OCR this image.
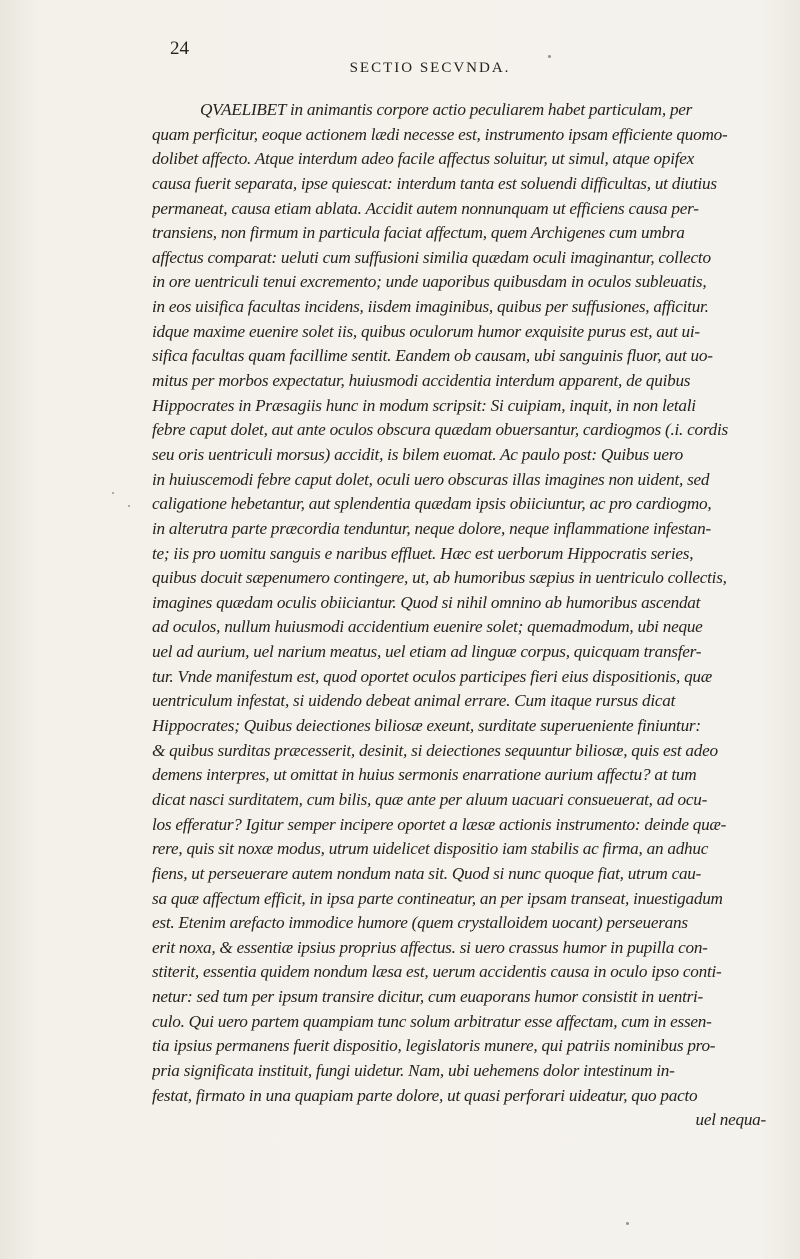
24
SECTIO SECVNDA.
QVAELIBET in animantis corpore actio peculiarem habet particulam, per
quam perficitur, eoque actionem lædi necesse est, instrumento ipsam efficiente quomo-
dolibet affecto. Atque interdum adeo facile affectus soluitur, ut simul, atque opifex
causa fuerit separata, ipse quiescat: interdum tanta est soluendi difficultas, ut diutius
permaneat, causa etiam ablata. Accidit autem nonnunquam ut efficiens causa per-
transiens, non firmum in particula faciat affectum, quem Archigenes cum umbra
affectus comparat: ueluti cum suffusioni similia quædam oculi imaginantur, collecto
in ore uentriculi tenui excremento; unde uaporibus quibusdam in oculos subleuatis,
in eos uisifica facultas incidens, iisdem imaginibus, quibus per suffusiones, afficitur.
idque maxime euenire solet iis, quibus oculorum humor exquisite purus est, aut ui-
sifica facultas quam facillime sentit. Eandem ob causam, ubi sanguinis fluor, aut uo-
mitus per morbos expectatur, huiusmodi accidentia interdum apparent, de quibus
Hippocrates in Præsagiis hunc in modum scripsit: Si cuipiam, inquit, in non letali
febre caput dolet, aut ante oculos obscura quædam obuersantur, cardiogmos (.i. cordis
seu oris uentriculi morsus) accidit, is bilem euomat. Ac paulo post: Quibus uero
in huiuscemodi febre caput dolet, oculi uero obscuras illas imagines non uident, sed
caligatione hebetantur, aut splendentia quædam ipsis obiiciuntur, ac pro cardiogmo,
in alterutra parte præcordia tenduntur, neque dolore, neque inflammatione infestan-
te; iis pro uomitu sanguis e naribus effluet. Hæc est uerborum Hippocratis series,
quibus docuit sæpenumero contingere, ut, ab humoribus sæpius in uentriculo collectis,
imagines quædam oculis obiiciantur. Quod si nihil omnino ab humoribus ascendat
ad oculos, nullum huiusmodi accidentium euenire solet; quemadmodum, ubi neque
uel ad aurium, uel narium meatus, uel etiam ad linguæ corpus, quicquam transfer-
tur. Vnde manifestum est, quod oportet oculos participes fieri eius dispositionis, quæ
uentriculum infestat, si uidendo debeat animal errare. Cum itaque rursus dicat
Hippocrates; Quibus deiectiones biliosæ exeunt, surditate superueniente finiuntur:
& quibus surditas præcesserit, desinit, si deiectiones sequuntur biliosæ, quis est adeo
demens interpres, ut omittat in huius sermonis enarratione aurium affectu? at tum
dicat nasci surditatem, cum bilis, quæ ante per aluum uacuari consueuerat, ad ocu-
los efferatur? Igitur semper incipere oportet a læsæ actionis instrumento: deinde quæ-
rere, quis sit noxæ modus, utrum uidelicet dispositio iam stabilis ac firma, an adhuc
fiens, ut perseuerare autem nondum nata sit. Quod si nunc quoque fiat, utrum cau-
sa quæ affectum efficit, in ipsa parte contineatur, an per ipsam transeat, inuestigadum
est. Etenim arefacto immodice humore (quem crystalloidem uocant) perseuerans
erit noxa, & essentiæ ipsius proprius affectus. si uero crassus humor in pupilla con-
stiterit, essentia quidem nondum læsa est, uerum accidentis causa in oculo ipso conti-
netur: sed tum per ipsum transire dicitur, cum euaporans humor consistit in uentri-
culo. Qui uero partem quampiam tunc solum arbitratur esse affectam, cum in essen-
tia ipsius permanens fuerit dispositio, legislatoris munere, qui patriis nominibus pro-
pria significata instituit, fungi uidetur. Nam, ubi uehemens dolor intestinum in-
festat, firmato in una quapiam parte dolore, ut quasi perforari uideatur, quo pacto
uel nequa-
